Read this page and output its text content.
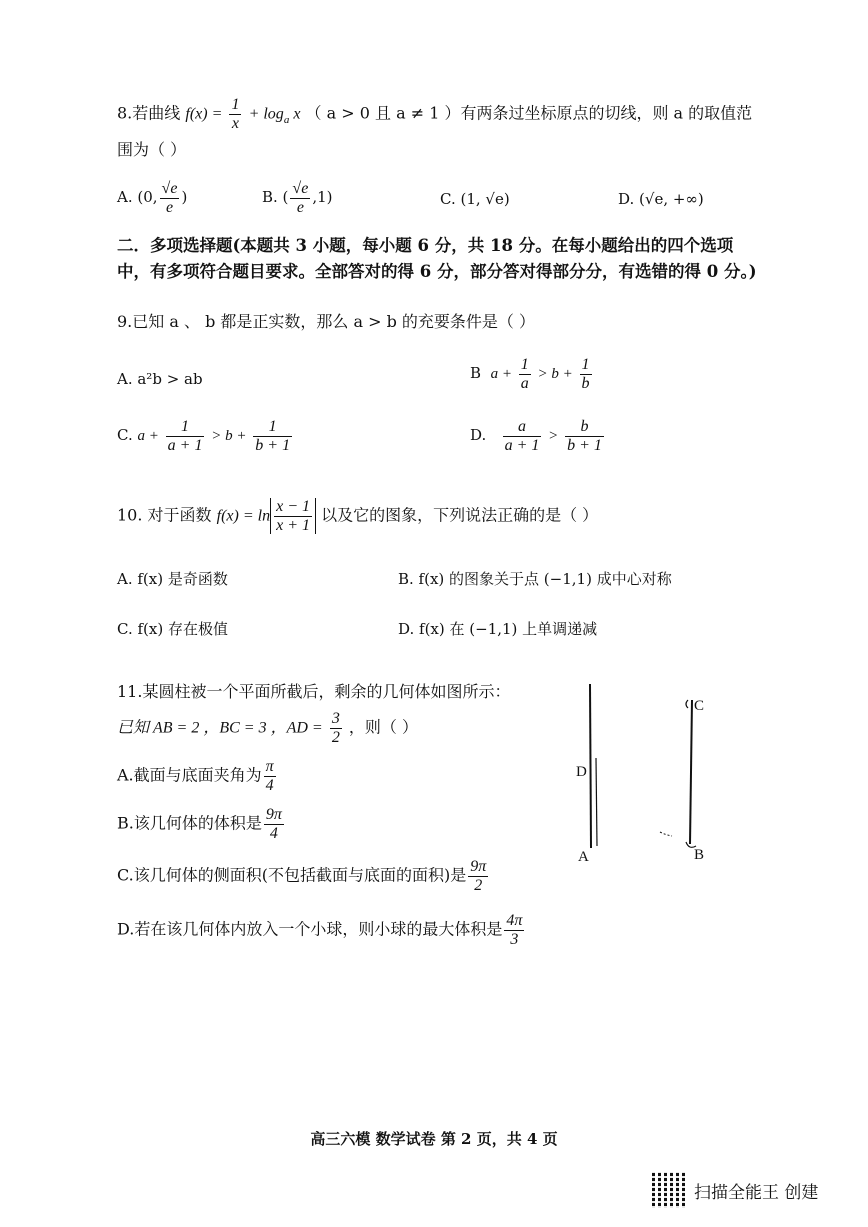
8.若曲线 $f(x) = \frac{1}{x} + \log_a x$ （ a > 0 且 a ≠ 1 ）有两条过坐标原点的切线，则 a 的取值范
围为（ ）
A. (0, $\frac{√e}{e}$ )	B. ( $\frac{√e}{e} ,1$)	C. (1, √e)	D. (√e, +∞)
二．多项选择题(本题共 3 小题，每小题 6 分，共 18 分。在每小题给出的四个选项
中，有多项符合题目要求。全部答对的得 6 分，部分答对得部分分，有选错的得 0 分。)
9.已知 a 、 b 都是正实数，那么 a > b 的充要条件是（ ）
A. a²b > ab	B $a + \frac{1}{a} > b + \frac{1}{b}$
C. $a + \frac{1}{a + 1} > b + \frac{1}{b + 1}$	D. $\frac{a}{a + 1} > \frac{b}{b + 1}$
10. 对于函数 $f(x) = \ln \frac{x - 1}{x + 1}$ 以及它的图象，下列说法正确的是（ ）
A. f(x) 是奇函数	B. f(x) 的图象关于点 (−1,1) 成中心对称
C. f(x) 存在极值	D. f(x) 在 (−1,1) 上单调递减
11.某圆柱被一个平面所截后，剩余的几何体如图所示：
已知 AB = 2 ，BC = 3 ，AD = $\frac{3}{2}$ ，则（ ）
A.截面与底面夹角为 $\frac{\pi}{4}$
B.该几何体的体积是 $\frac{9\pi}{4}$
C.该几何体的侧面积(不包括截面与底面的面积)是 $\frac{9\pi}{2}$
D.若在该几何体内放入一个小球，则小球的最大体积是 $\frac{4\pi}{3}$
C
D
A	B
高三六模 数学试卷 第 2 页，共 4 页
扫描全能王 创建
